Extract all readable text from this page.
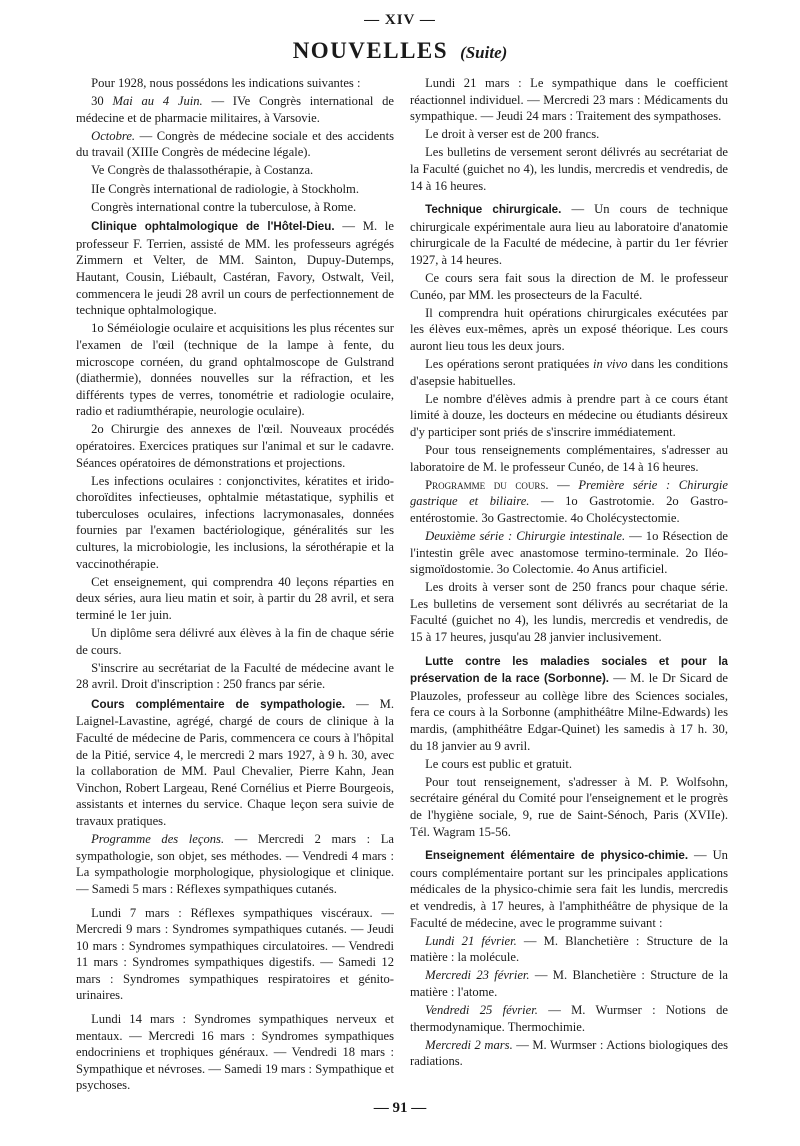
— XIV —
NOUVELLES (Suite)

Pour 1928, nous possédons les indications suivantes :

30 Mai au 4 Juin. — IVe Congrès international de médecine et de pharmacie militaires, à Varsovie.

Octobre. — Congrès de médecine sociale et des accidents du travail (XIIIe Congrès de médecine légale).

Ve Congrès de thalassothérapie, à Costanza.

IIe Congrès international de radiologie, à Stockholm.

Congrès international contre la tuberculose, à Rome.

Clinique ophtalmologique de l'Hôtel-Dieu. — M. le professeur F. Terrien, assisté de MM. les professeurs agrégés Zimmern et Velter, de MM. Sainton, Dupuy-Dutemps, Hautant, Cousin, Liébault, Castéran, Favory, Ostwalt, Veil, commencera le jeudi 28 avril un cours de perfectionnement de technique ophtalmologique.

1o Séméiologie oculaire et acquisitions les plus récentes sur l'examen de l'œil (technique de la lampe à fente, du microscope cornéen, du grand ophtalmoscope de Gulstrand (diathermie), données nouvelles sur la réfraction, et les différents types de verres, tonométrie et radiologie oculaire, radio et radiumthérapie, neurologie oculaire).

2o Chirurgie des annexes de l'œil. Nouveaux procédés opératoires. Exercices pratiques sur l'animal et sur le cadavre. Séances opératoires de démonstrations et projections.

Les infections oculaires : conjonctivites, kératites et irido-choroïdites infectieuses, ophtalmie métastatique, syphilis et tuberculoses oculaires, infections lacrymonasales, données fournies par l'examen bactériologique, généralités sur les cultures, la microbiologie, les inclusions, la sérothérapie et la vaccinothérapie.

Cet enseignement, qui comprendra 40 leçons réparties en deux séries, aura lieu matin et soir, à partir du 28 avril, et sera terminé le 1er juin.

Un diplôme sera délivré aux élèves à la fin de chaque série de cours.

S'inscrire au secrétariat de la Faculté de médecine avant le 28 avril. Droit d'inscription : 250 francs par série.

Cours complémentaire de sympathologie. — M. Laignel-Lavastine, agrégé, chargé de cours de clinique à la Faculté de médecine de Paris, commencera ce cours à l'hôpital de la Pitié, service 4, le mercredi 2 mars 1927, à 9 h. 30, avec la collaboration de MM. Paul Chevalier, Pierre Kahn, Jean Vinchon, Robert Largeau, René Cornélius et Pierre Bourgeois, assistants et internes du service. Chaque leçon sera suivie de travaux pratiques.

Programme des leçons. — Mercredi 2 mars : La sympathologie, son objet, ses méthodes. — Vendredi 4 mars : La sympathologie morphologique, physiologique et clinique. — Samedi 5 mars : Réflexes sympathiques cutanés.

Lundi 7 mars : Réflexes sympathiques viscéraux. — Mercredi 9 mars : Syndromes sympathiques cutanés. — Jeudi 10 mars : Syndromes sympathiques circulatoires. — Vendredi 11 mars : Syndromes sympathiques digestifs. — Samedi 12 mars : Syndromes sympathiques respiratoires et génito-urinaires.

Lundi 14 mars : Syndromes sympathiques nerveux et mentaux. — Mercredi 16 mars : Syndromes sympathiques endocriniens et trophiques généraux. — Vendredi 18 mars : Sympathique et névroses. — Samedi 19 mars : Sympathique et psychoses.

Lundi 21 mars : Le sympathique dans le coefficient réactionnel individuel. — Mercredi 23 mars : Médicaments du sympathique. — Jeudi 24 mars : Traitement des sympathoses.

Le droit à verser est de 200 francs.

Les bulletins de versement seront délivrés au secrétariat de la Faculté (guichet no 4), les lundis, mercredis et vendredis, de 14 à 16 heures.

Technique chirurgicale. — Un cours de technique chirurgicale expérimentale aura lieu au laboratoire d'anatomie chirurgicale de la Faculté de médecine, à partir du 1er février 1927, à 14 heures.

Ce cours sera fait sous la direction de M. le professeur Cunéo, par MM. les prosecteurs de la Faculté.

Il comprendra huit opérations chirurgicales exécutées par les élèves eux-mêmes, après un exposé théorique. Les cours auront lieu tous les deux jours.

Les opérations seront pratiquées in vivo dans les conditions d'asepsie habituelles.

Le nombre d'élèves admis à prendre part à ce cours étant limité à douze, les docteurs en médecine ou étudiants désireux d'y participer sont priés de s'inscrire immédiatement.

Pour tous renseignements complémentaires, s'adresser au laboratoire de M. le professeur Cunéo, de 14 à 16 heures.

Programme du cours. — Première série : Chirurgie gastrique et biliaire. — 1o Gastrotomie. 2o Gastro-entérostomie. 3o Gastrectomie. 4o Cholécystectomie.

Deuxième série : Chirurgie intestinale. — 1o Résection de l'intestin grêle avec anastomose termino-terminale. 2o Iléo-sigmoïdostomie. 3o Colectomie. 4o Anus artificiel.

Les droits à verser sont de 250 francs pour chaque série. Les bulletins de versement sont délivrés au secrétariat de la Faculté (guichet no 4), les lundis, mercredis et vendredis, de 15 à 17 heures, jusqu'au 28 janvier inclusivement.

Lutte contre les maladies sociales et pour la préservation de la race (Sorbonne). — M. le Dr Sicard de Plauzoles, professeur au collège libre des Sciences sociales, fera ce cours à la Sorbonne (amphithéâtre Milne-Edwards) les mardis, (amphithéâtre Edgar-Quinet) les samedis à 17 h. 30, du 18 janvier au 9 avril.

Le cours est public et gratuit.

Pour tout renseignement, s'adresser à M. P. Wolfsohn, secrétaire général du Comité pour l'enseignement et le progrès de l'hygiène sociale, 9, rue de Saint-Sénoch, Paris (XVIIe). Tél. Wagram 15-56.

Enseignement élémentaire de physico-chimie. — Un cours complémentaire portant sur les principales applications médicales de la physico-chimie sera fait les lundis, mercredis et vendredis, à 17 heures, à l'amphithéâtre de physique de la Faculté de médecine, avec le programme suivant :

Lundi 21 février. — M. Blanchetière : Structure de la matière : la molécule.

Mercredi 23 février. — M. Blanchetière : Structure de la matière : l'atome.

Vendredi 25 février. — M. Wurmser : Notions de thermodynamique. Thermochimie.

Mercredi 2 mars. — M. Wurmser : Actions biologiques des radiations.

— 91 —
